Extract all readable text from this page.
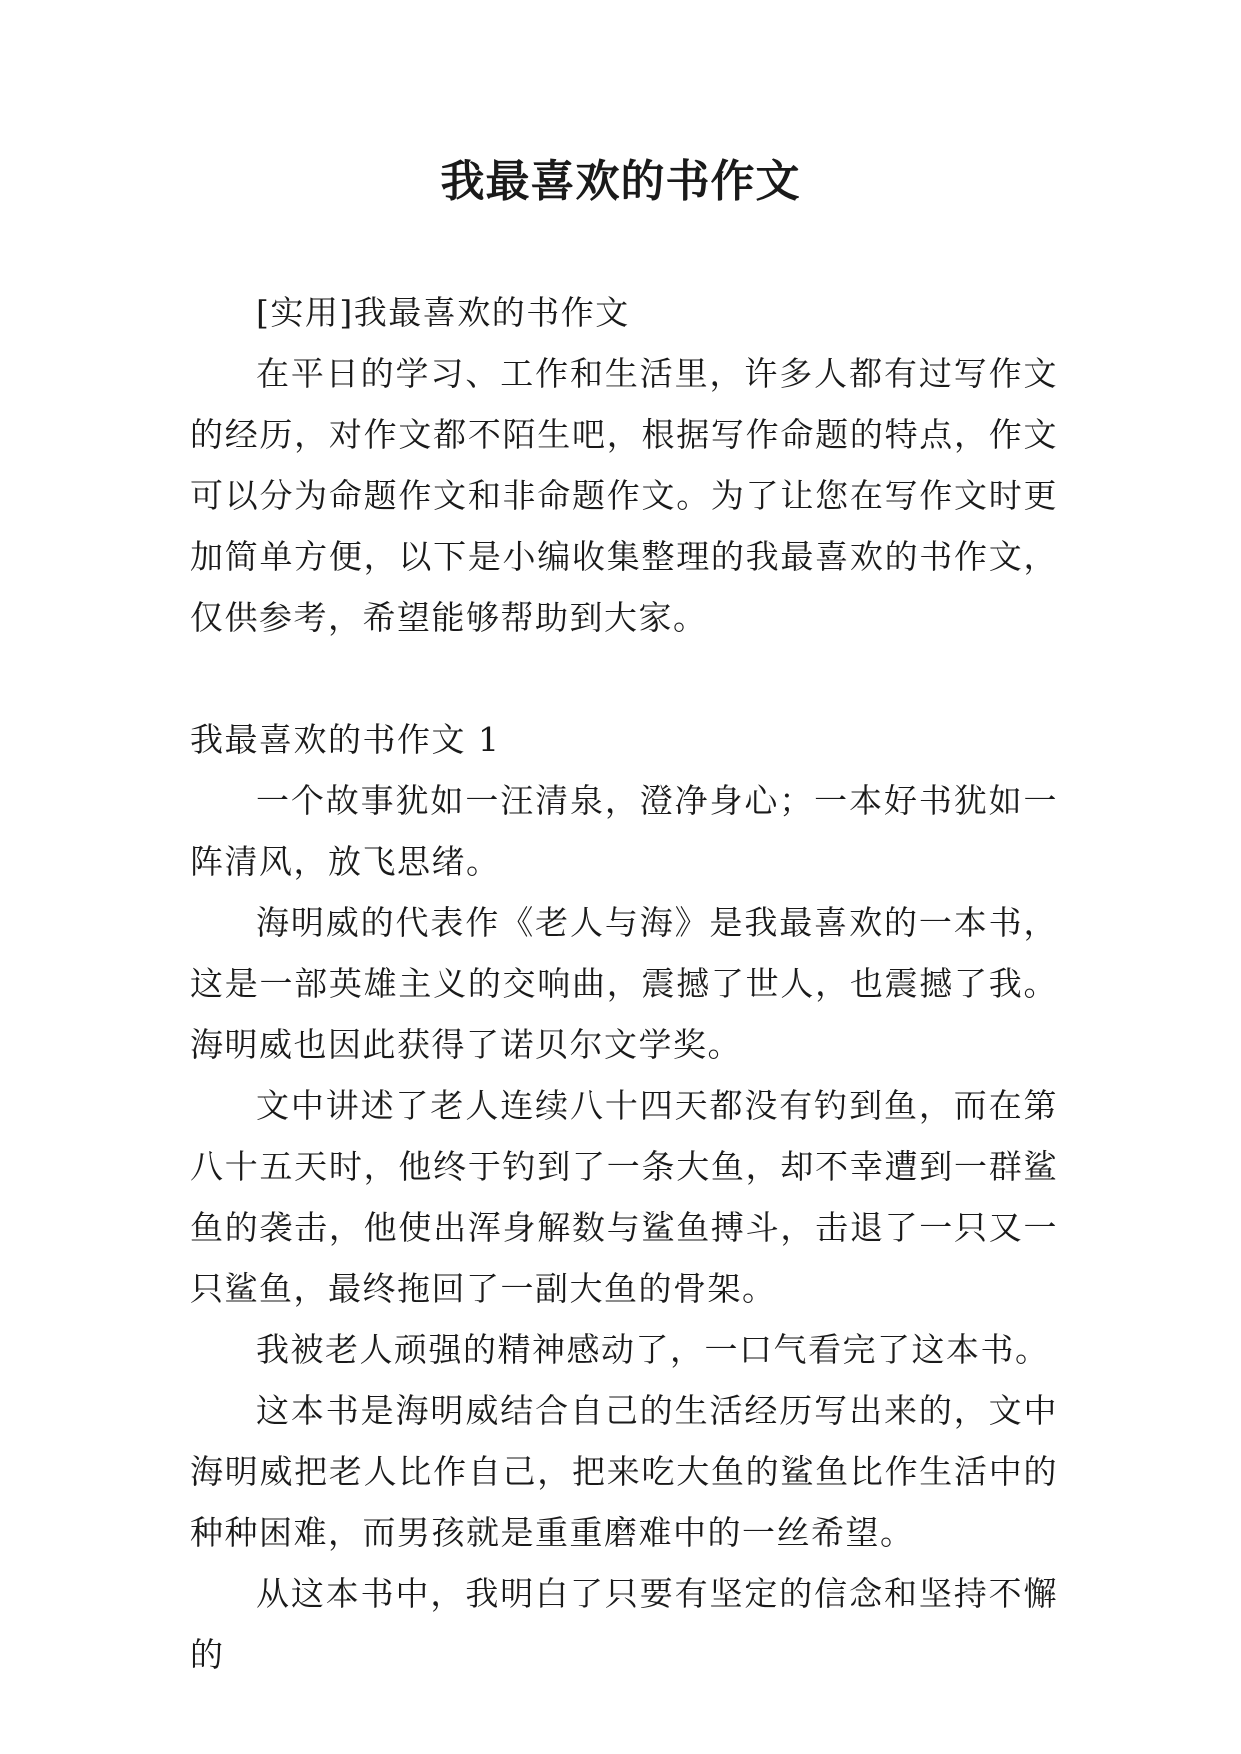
我最喜欢的书作文

[实用]我最喜欢的书作文

在平日的学习、工作和生活里，许多人都有过写作文的经历，对作文都不陌生吧，根据写作命题的特点，作文可以分为命题作文和非命题作文。为了让您在写作文时更加简单方便，以下是小编收集整理的我最喜欢的书作文，仅供参考，希望能够帮助到大家。

我最喜欢的书作文 1

一个故事犹如一汪清泉，澄净身心；一本好书犹如一阵清风，放飞思绪。

海明威的代表作《老人与海》是我最喜欢的一本书，这是一部英雄主义的交响曲，震撼了世人，也震撼了我。海明威也因此获得了诺贝尔文学奖。

文中讲述了老人连续八十四天都没有钓到鱼，而在第八十五天时，他终于钓到了一条大鱼，却不幸遭到一群鲨鱼的袭击，他使出浑身解数与鲨鱼搏斗，击退了一只又一只鲨鱼，最终拖回了一副大鱼的骨架。

我被老人顽强的精神感动了，一口气看完了这本书。

这本书是海明威结合自己的生活经历写出来的，文中海明威把老人比作自己，把来吃大鱼的鲨鱼比作生活中的种种困难，而男孩就是重重磨难中的一丝希望。

从这本书中，我明白了只要有坚定的信念和坚持不懈的
